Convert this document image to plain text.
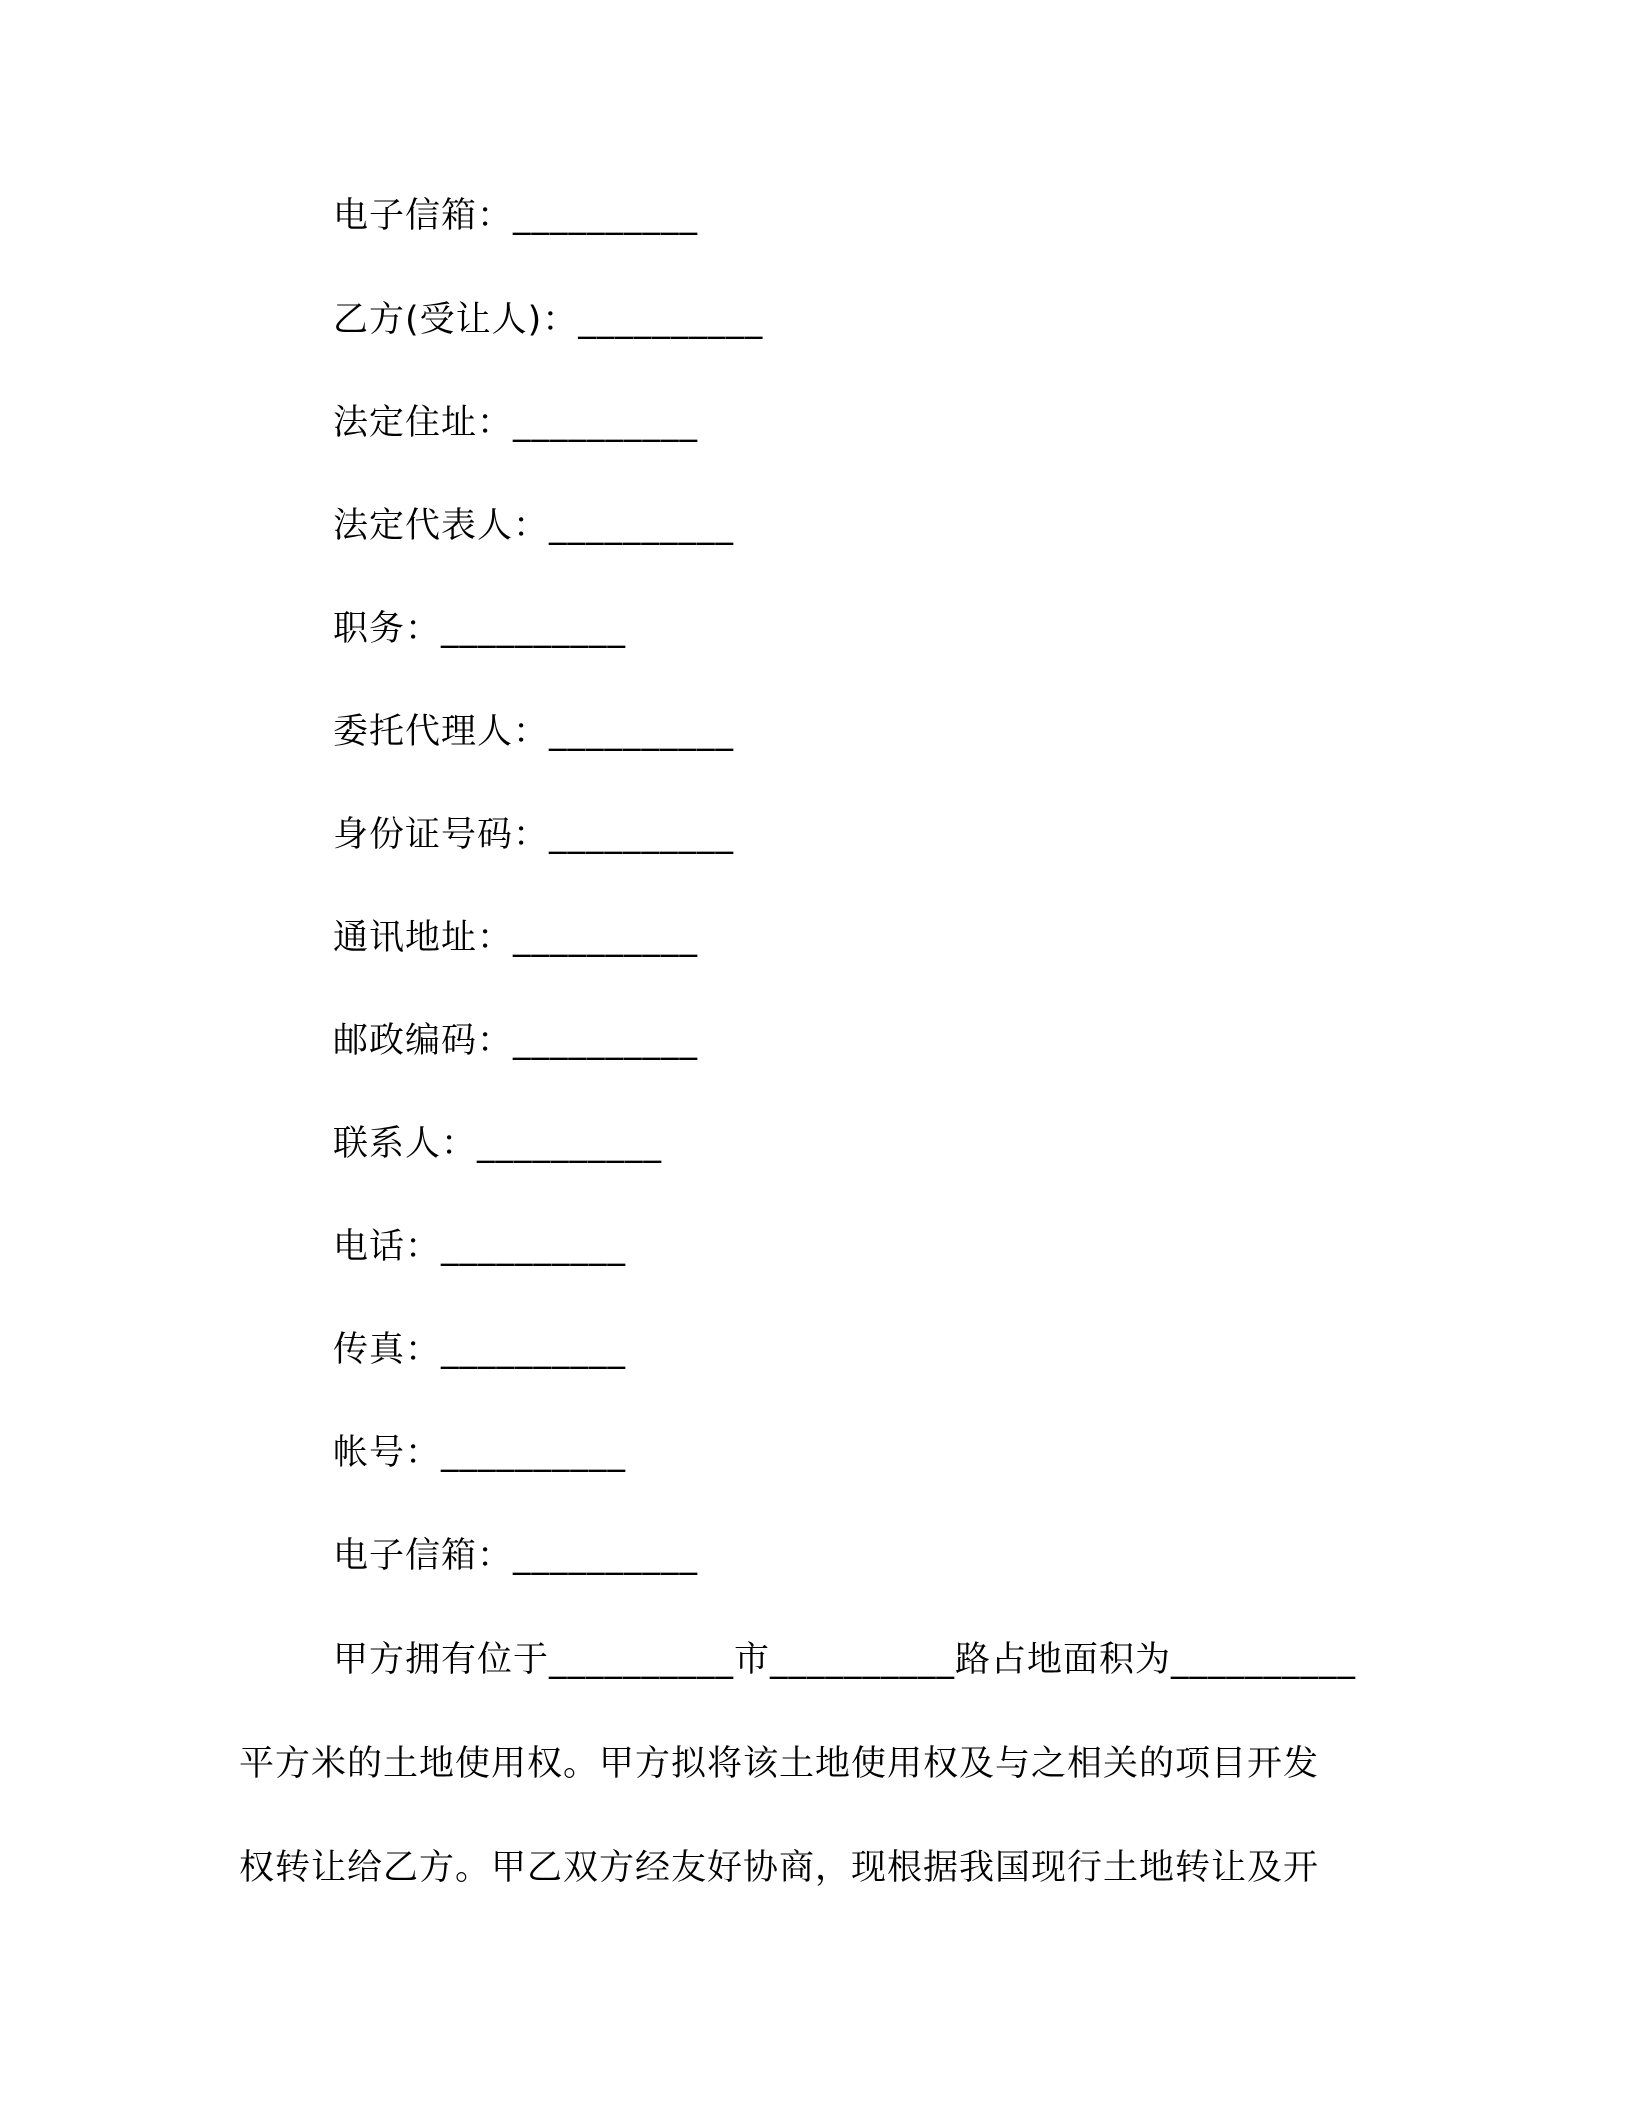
电子信箱：__________
乙方(受让人)：__________
法定住址：__________
法定代表人：__________
职务：__________
委托代理人：__________
身份证号码：__________
通讯地址：__________
邮政编码：__________
联系人：__________
电话：__________
传真：__________
帐号：__________
电子信箱：__________
甲方拥有位于__________市__________路占地面积为__________
平方米的土地使用权。甲方拟将该土地使用权及与之相关的项目开发
权转让给乙方。甲乙双方经友好协商，现根据我国现行土地转让及开
